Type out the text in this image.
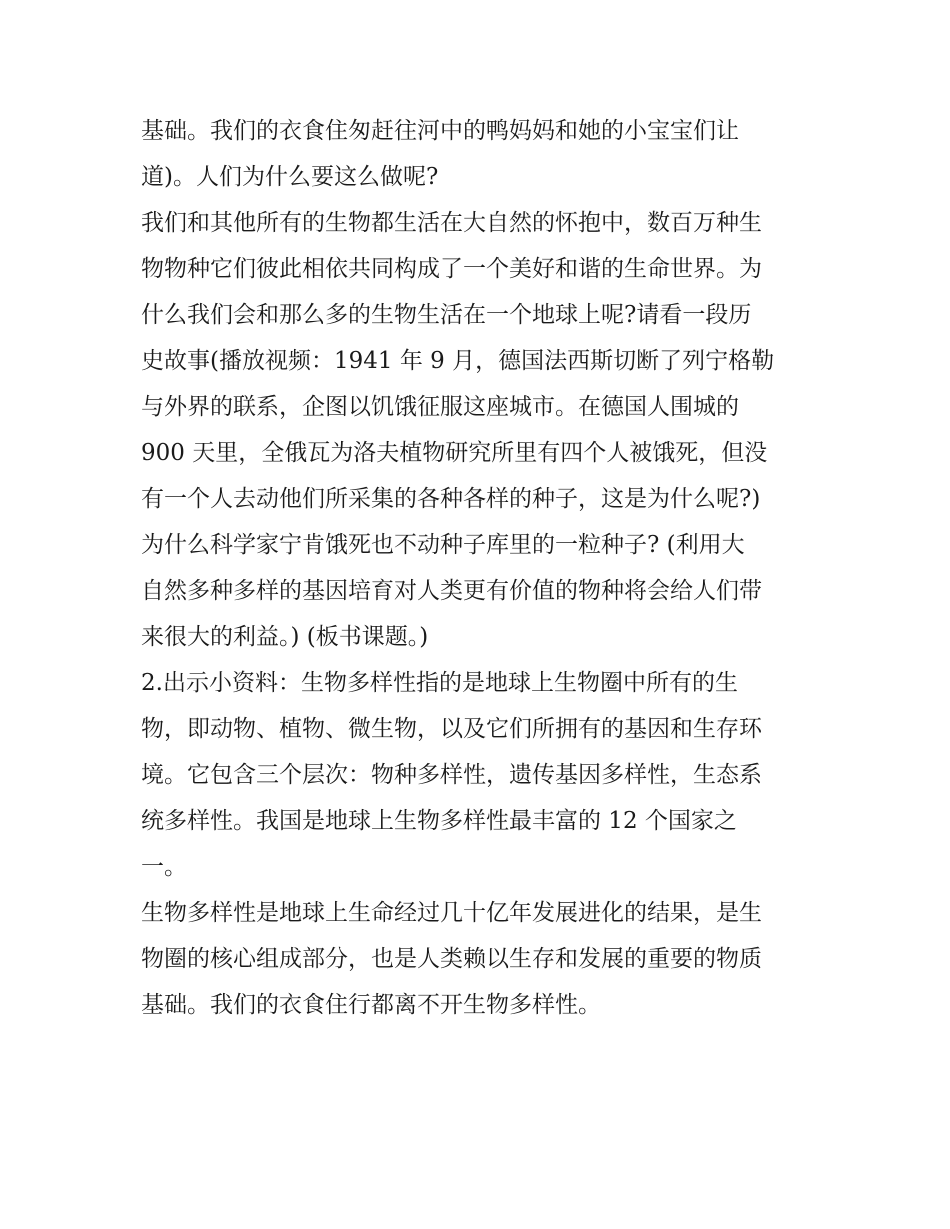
基础。我们的衣食住匆赶往河中的鸭妈妈和她的小宝宝们让
道)。人们为什么要这么做呢?
我们和其他所有的生物都生活在大自然的怀抱中，数百万种生
物物种它们彼此相依共同构成了一个美好和谐的生命世界。为
什么我们会和那么多的生物生活在一个地球上呢?请看一段历
史故事(播放视频：1941 年 9 月，德国法西斯切断了列宁格勒
与外界的联系，企图以饥饿征服这座城市。在德国人围城的
900 天里，全俄瓦为洛夫植物研究所里有四个人被饿死，但没
有一个人去动他们所采集的各种各样的种子，这是为什么呢?)
为什么科学家宁肯饿死也不动种子库里的一粒种子? (利用大
自然多种多样的基因培育对人类更有价值的物种将会给人们带
来很大的利益。) (板书课题。)
2.出示小资料：生物多样性指的是地球上生物圈中所有的生
物，即动物、植物、微生物，以及它们所拥有的基因和生存环
境。它包含三个层次：物种多样性，遗传基因多样性，生态系
统多样性。我国是地球上生物多样性最丰富的 12 个国家之
一。
生物多样性是地球上生命经过几十亿年发展进化的结果，是生
物圈的核心组成部分，也是人类赖以生存和发展的重要的物质
基础。我们的衣食住行都离不开生物多样性。
